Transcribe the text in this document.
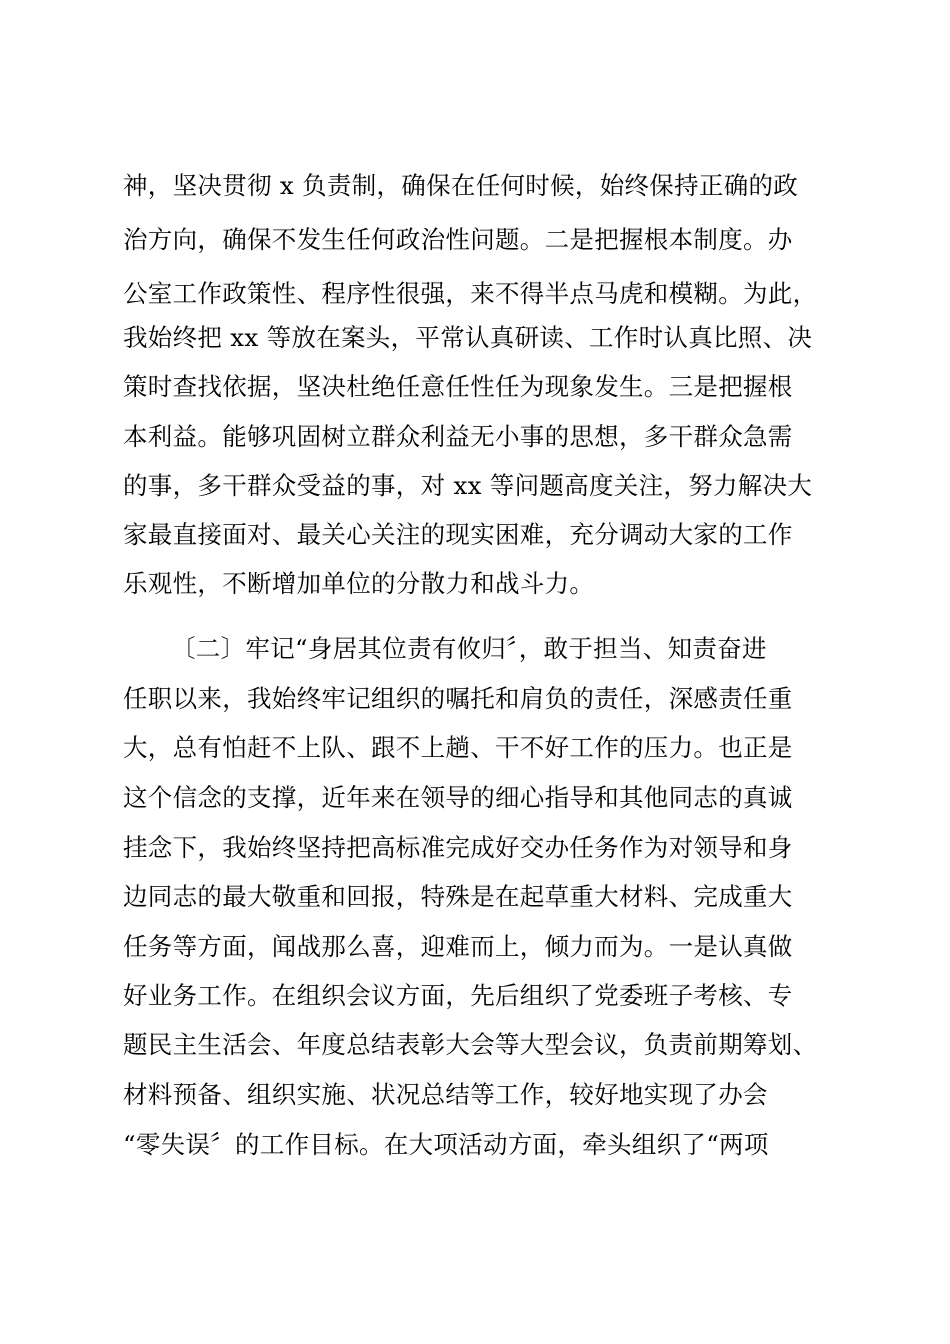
神，坚决贯彻 x 负责制，确保在任何时候，始终保持正确的政

治方向，确保不发生任何政治性问题。二是把握根本制度。办

公室工作政策性、程序性很强，来不得半点马虎和模糊。为此，

我始终把 xx 等放在案头，平常认真研读、工作时认真比照、决

策时查找依据，坚决杜绝任意任性任为现象发生。三是把握根

本利益。能够巩固树立群众利益无小事的思想，多干群众急需

的事，多干群众受益的事，对 xx 等问题高度关注，努力解决大

家最直接面对、最关心关注的现实困难，充分调动大家的工作

乐观性，不断增加单位的分散力和战斗力。

〔二〕牢记“身居其位责有攸归〞，敢于担当、知责奋进

任职以来，我始终牢记组织的嘱托和肩负的责任，深感责任重

大，总有怕赶不上队、跟不上趟、干不好工作的压力。也正是

这个信念的支撑，近年来在领导的细心指导和其他同志的真诚

挂念下，我始终坚持把高标准完成好交办任务作为对领导和身

边同志的最大敬重和回报，特殊是在起草重大材料、完成重大

任务等方面，闻战那么喜，迎难而上，倾力而为。一是认真做

好业务工作。在组织会议方面，先后组织了党委班子考核、专

题民主生活会、年度总结表彰大会等大型会议，负责前期筹划、

材料预备、组织实施、状况总结等工作，较好地实现了办会

“零失误〞的工作目标。在大项活动方面，牵头组织了“两项
